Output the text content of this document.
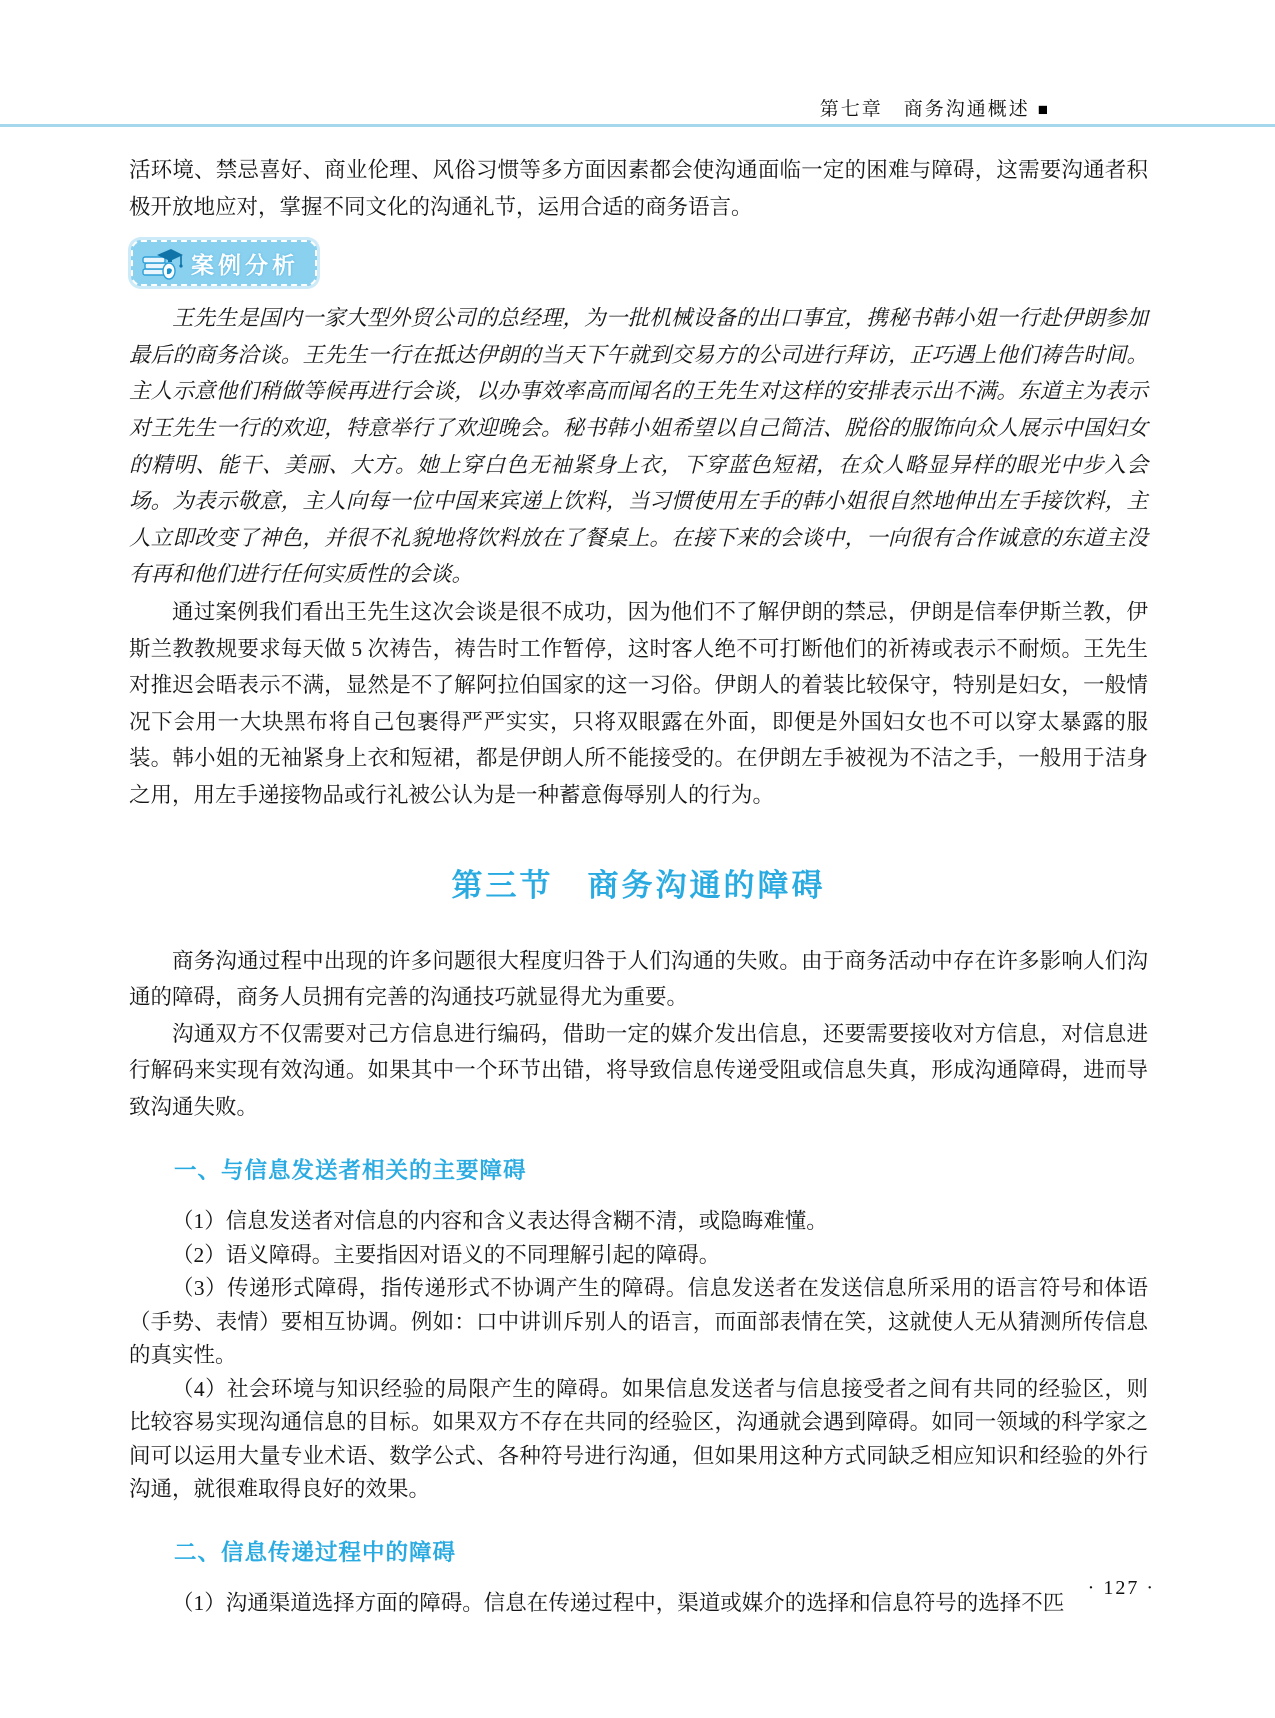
第七章　商务沟通概述 ■

活环境、禁忌喜好、商业伦理、风俗习惯等多方面因素都会使沟通面临一定的困难与障碍，这需要沟通者积极开放地应对，掌握不同文化的沟通礼节，运用合适的商务语言。

案例分析

王先生是国内一家大型外贸公司的总经理，为一批机械设备的出口事宜，携秘书韩小姐一行赴伊朗参加最后的商务洽谈。王先生一行在抵达伊朗的当天下午就到交易方的公司进行拜访，正巧遇上他们祷告时间。主人示意他们稍做等候再进行会谈，以办事效率高而闻名的王先生对这样的安排表示出不满。东道主为表示对王先生一行的欢迎，特意举行了欢迎晚会。秘书韩小姐希望以自己简洁、脱俗的服饰向众人展示中国妇女的精明、能干、美丽、大方。她上穿白色无袖紧身上衣，下穿蓝色短裙，在众人略显异样的眼光中步入会场。为表示敬意，主人向每一位中国来宾递上饮料，当习惯使用左手的韩小姐很自然地伸出左手接饮料，主人立即改变了神色，并很不礼貌地将饮料放在了餐桌上。在接下来的会谈中，一向很有合作诚意的东道主没有再和他们进行任何实质性的会谈。

通过案例我们看出王先生这次会谈是很不成功，因为他们不了解伊朗的禁忌，伊朗是信奉伊斯兰教，伊斯兰教教规要求每天做 5 次祷告，祷告时工作暂停，这时客人绝不可打断他们的祈祷或表示不耐烦。王先生对推迟会晤表示不满，显然是不了解阿拉伯国家的这一习俗。伊朗人的着装比较保守，特别是妇女，一般情况下会用一大块黑布将自己包裹得严严实实，只将双眼露在外面，即便是外国妇女也不可以穿太暴露的服装。韩小姐的无袖紧身上衣和短裙，都是伊朗人所不能接受的。在伊朗左手被视为不洁之手，一般用于洁身之用，用左手递接物品或行礼被公认为是一种蓄意侮辱别人的行为。

第三节　商务沟通的障碍

商务沟通过程中出现的许多问题很大程度归咎于人们沟通的失败。由于商务活动中存在许多影响人们沟通的障碍，商务人员拥有完善的沟通技巧就显得尤为重要。

沟通双方不仅需要对己方信息进行编码，借助一定的媒介发出信息，还要需要接收对方信息，对信息进行解码来实现有效沟通。如果其中一个环节出错，将导致信息传递受阻或信息失真，形成沟通障碍，进而导致沟通失败。

一、与信息发送者相关的主要障碍

（1）信息发送者对信息的内容和含义表达得含糊不清，或隐晦难懂。

（2）语义障碍。主要指因对语义的不同理解引起的障碍。

（3）传递形式障碍，指传递形式不协调产生的障碍。信息发送者在发送信息所采用的语言符号和体语（手势、表情）要相互协调。例如：口中讲训斥别人的语言，而面部表情在笑，这就使人无从猜测所传信息的真实性。

（4）社会环境与知识经验的局限产生的障碍。如果信息发送者与信息接受者之间有共同的经验区，则比较容易实现沟通信息的目标。如果双方不存在共同的经验区，沟通就会遇到障碍。如同一领域的科学家之间可以运用大量专业术语、数学公式、各种符号进行沟通，但如果用这种方式同缺乏相应知识和经验的外行沟通，就很难取得良好的效果。

二、信息传递过程中的障碍

（1）沟通渠道选择方面的障碍。信息在传递过程中，渠道或媒介的选择和信息符号的选择不匹

· 127 ·
